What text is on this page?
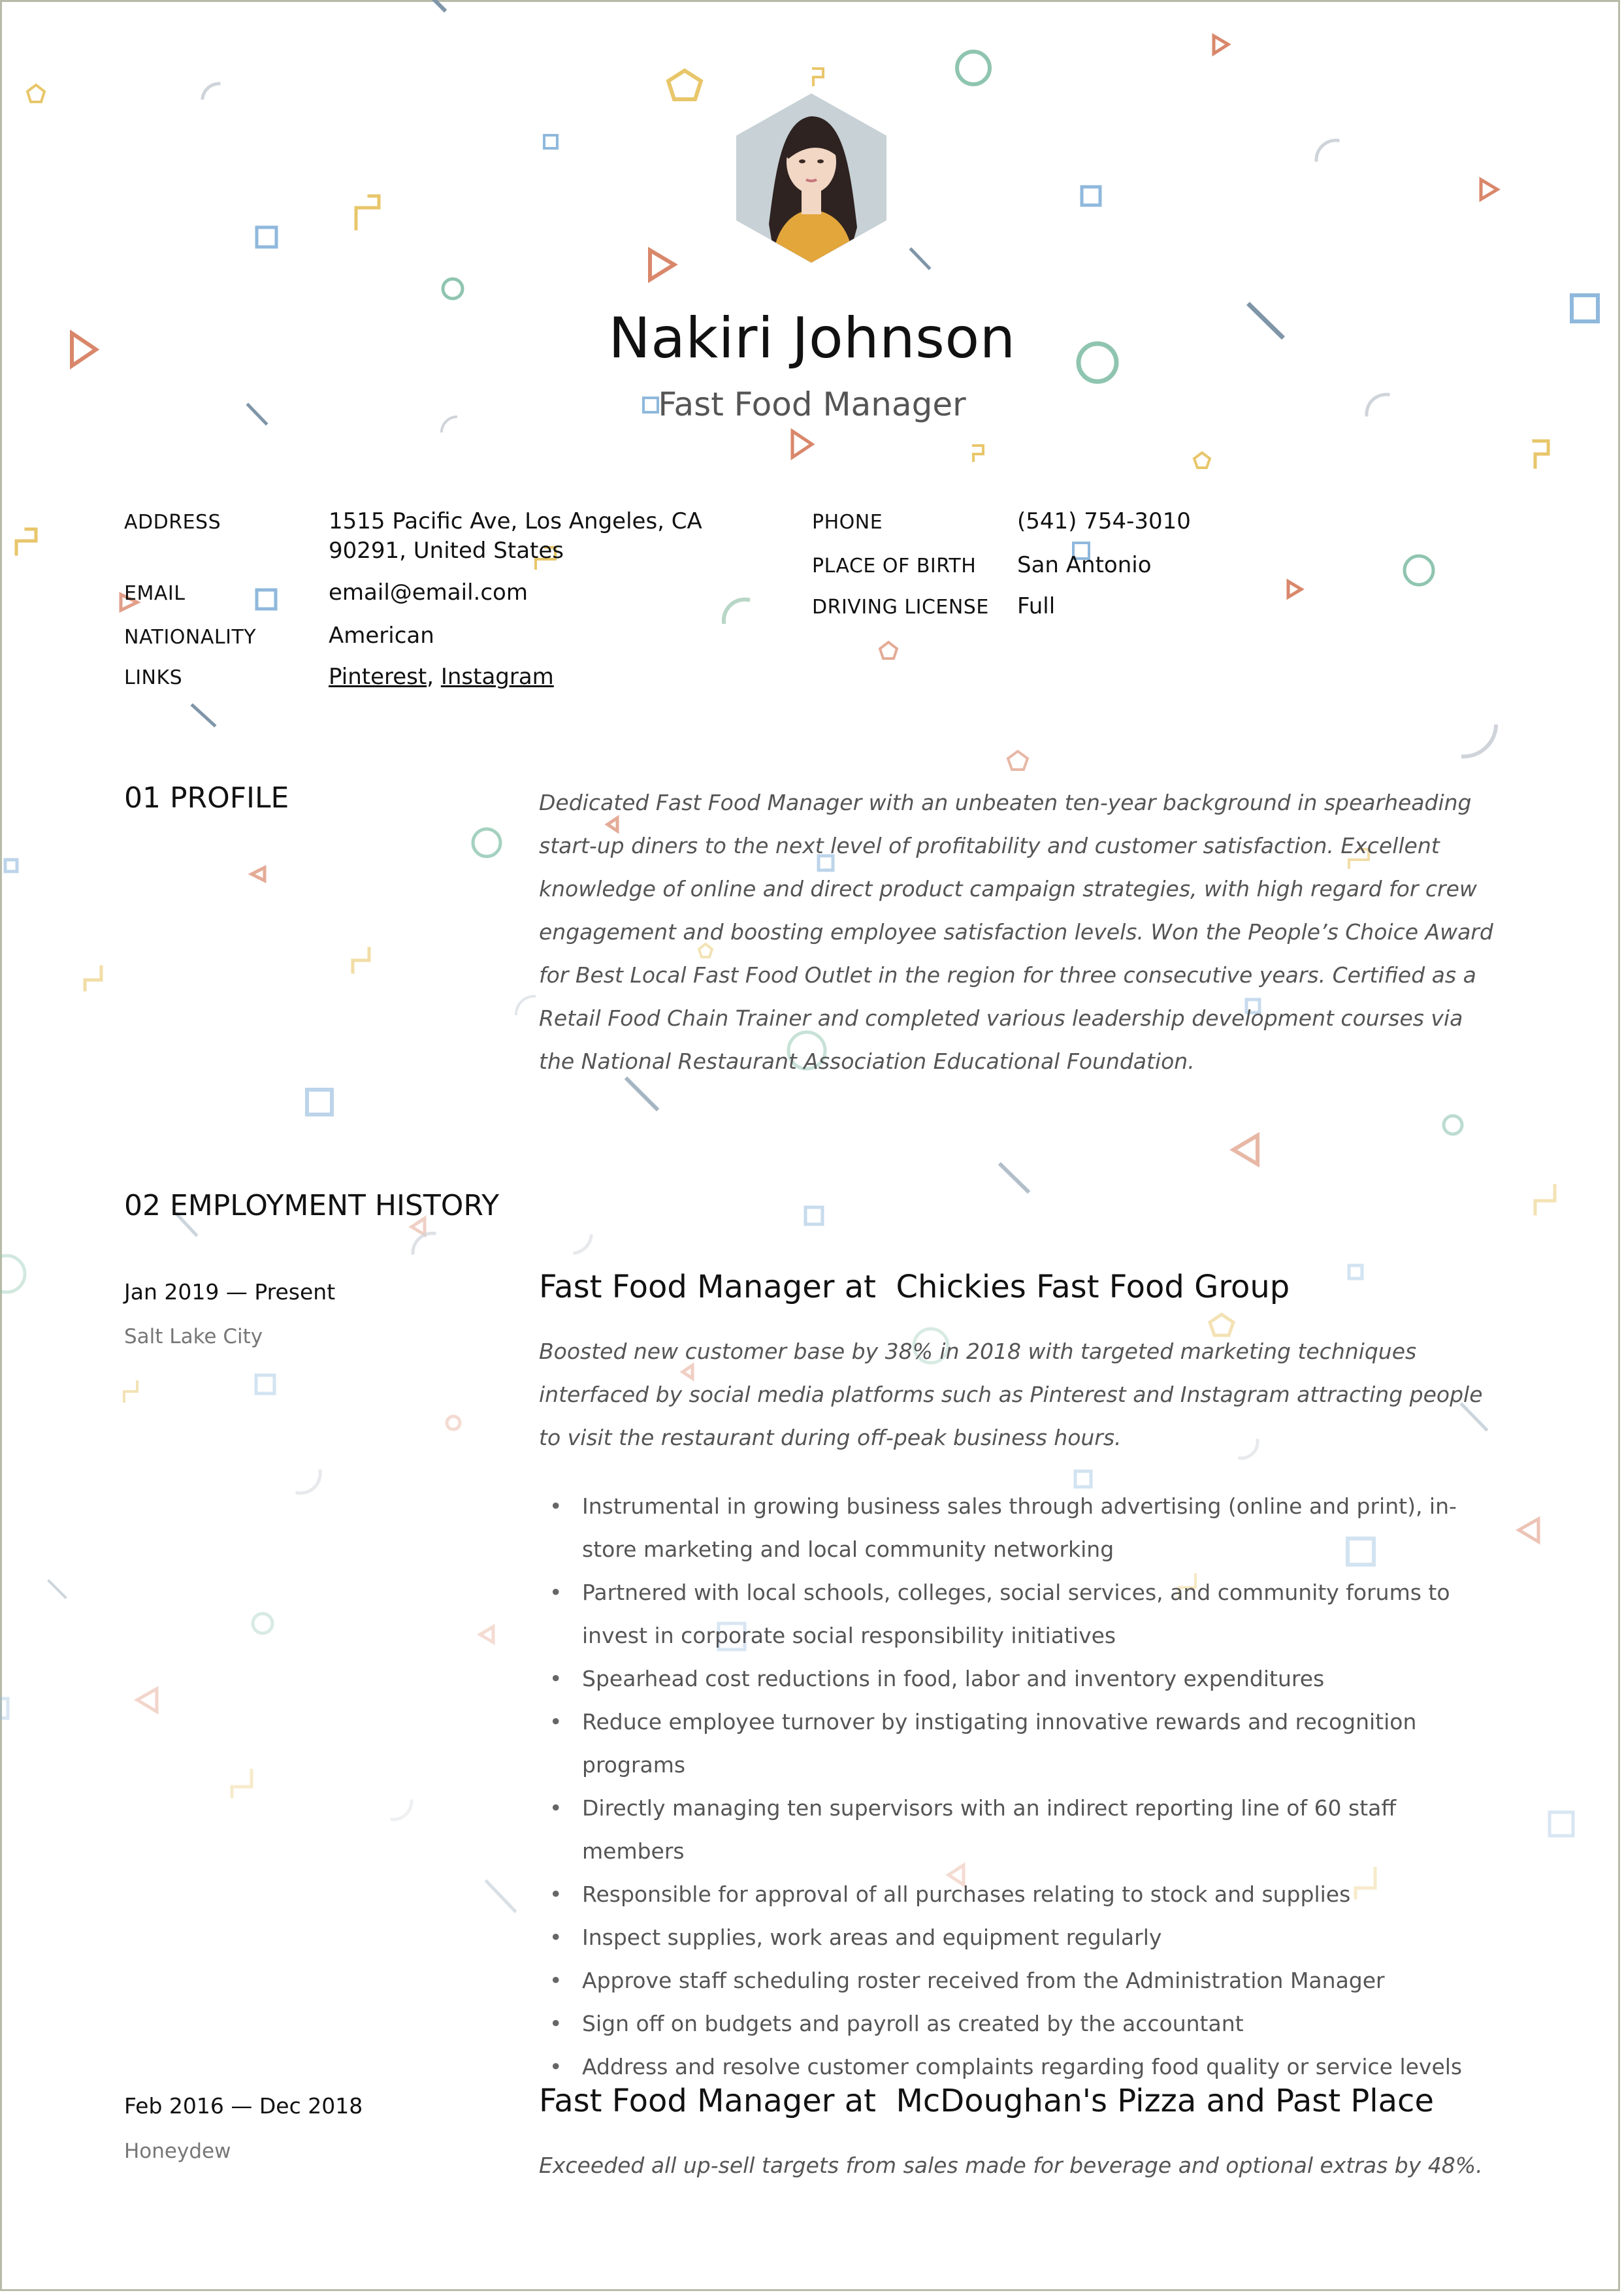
Nakiri Johnson
Fast Food Manager
ADDRESS	1515 Pacific Ave, Los Angeles, CA
90291, United States
EMAIL	email@email.com
NATIONALITY	American
LINKS	Pinterest, Instagram
PHONE	(541) 754-3010
PLACE OF BIRTH San Antonio
DRIVING LICENSE Full
01 PROFILE	Dedicated Fast Food Manager with an unbeaten ten-year background in spearheading start-up diners to the next level of profitability and customer satisfaction. Excellent knowledge of online and direct product campaign strategies, with high regard for crew engagement and boosting employee satisfaction levels. Won the People’s Choice Award for Best Local Fast Food Outlet in the region for three consecutive years. Certified as a Retail Food Chain Trainer and completed various leadership development courses via the National Restaurant Association Educational Foundation.
02 EMPLOYMENT HISTORY
Jan 2019 — Present
Salt Lake City
Fast Food Manager at  Chickies Fast Food Group
Boosted new customer base by 38% in 2018 with targeted marketing techniques interfaced by social media platforms such as Pinterest and Instagram attracting people to visit the restaurant during off-peak business hours.
• Instrumental in growing business sales through advertising (online and print), in-store marketing and local community networking
• Partnered with local schools, colleges, social services, and community forums to invest in corporate social responsibility initiatives
• Spearhead cost reductions in food, labor and inventory expenditures
• Reduce employee turnover by instigating innovative rewards and recognition programs
• Directly managing ten supervisors with an indirect reporting line of 60 staff members
• Responsible for approval of all purchases relating to stock and supplies
• Inspect supplies, work areas and equipment regularly
• Approve staff scheduling roster received from the Administration Manager
• Sign off on budgets and payroll as created by the accountant
• Address and resolve customer complaints regarding food quality or service levels
Feb 2016 — Dec 2018
Honeydew
Fast Food Manager at  McDoughan's Pizza and Past Place
Exceeded all up-sell targets from sales made for beverage and optional extras by 48%.
